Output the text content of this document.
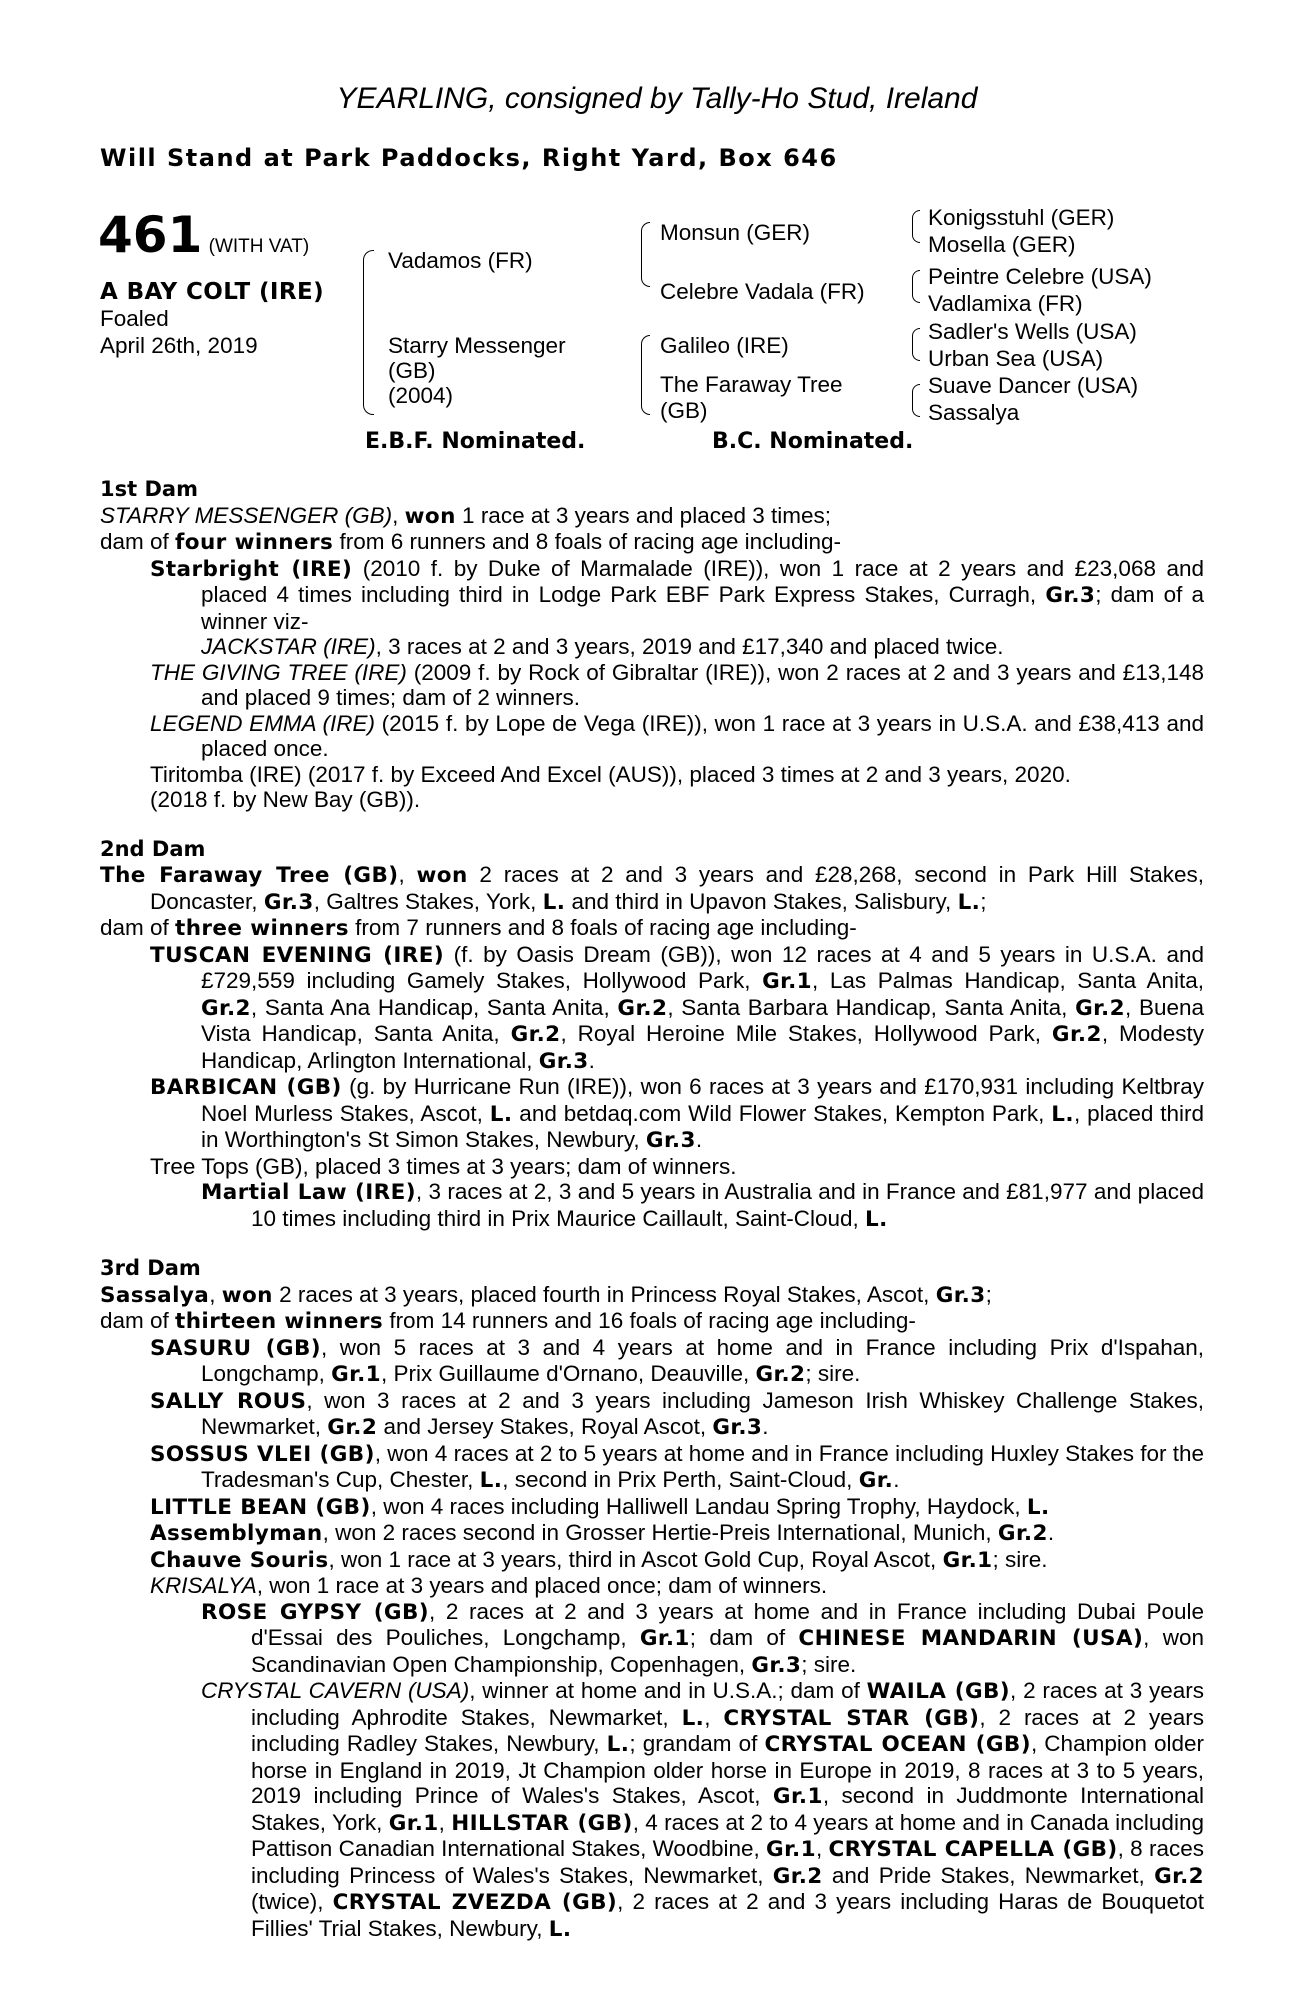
YEARLING, consigned by Tally-Ho Stud, Ireland
Will Stand at Park Paddocks, Right Yard, Box 646
461 (WITH VAT)
A BAY COLT (IRE)
Foaled
April 26th, 2019
Vadamos (FR)
Starry Messenger
(GB)
(2004)
Monsun (GER)
Celebre Vadala (FR)
Galileo (IRE)
The Faraway Tree
(GB)
Konigsstuhl (GER)
Mosella (GER)
Peintre Celebre (USA)
Vadlamixa (FR)
Sadler's Wells (USA)
Urban Sea (USA)
Suave Dancer (USA)
Sassalya
E.B.F. Nominated.	B.C. Nominated.
1st Dam
STARRY MESSENGER (GB), won 1 race at 3 years and placed 3 times;
dam of four winners from 6 runners and 8 foals of racing age including-
Starbright (IRE) (2010 f. by Duke of Marmalade (IRE)), won 1 race at 2 years and £23,068 and placed 4 times including third in Lodge Park EBF Park Express Stakes, Curragh, Gr.3; dam of a winner viz-
JACKSTAR (IRE), 3 races at 2 and 3 years, 2019 and £17,340 and placed twice.
THE GIVING TREE (IRE) (2009 f. by Rock of Gibraltar (IRE)), won 2 races at 2 and 3 years and £13,148 and placed 9 times; dam of 2 winners.
LEGEND EMMA (IRE) (2015 f. by Lope de Vega (IRE)), won 1 race at 3 years in U.S.A. and £38,413 and placed once.
Tiritomba (IRE) (2017 f. by Exceed And Excel (AUS)), placed 3 times at 2 and 3 years, 2020.
(2018 f. by New Bay (GB)).
2nd Dam
The Faraway Tree (GB), won 2 races at 2 and 3 years and £28,268, second in Park Hill Stakes, Doncaster, Gr.3, Galtres Stakes, York, L. and third in Upavon Stakes, Salisbury, L.;
dam of three winners from 7 runners and 8 foals of racing age including-
TUSCAN EVENING (IRE) (f. by Oasis Dream (GB)), won 12 races at 4 and 5 years in U.S.A. and £729,559 including Gamely Stakes, Hollywood Park, Gr.1, Las Palmas Handicap, Santa Anita, Gr.2, Santa Ana Handicap, Santa Anita, Gr.2, Santa Barbara Handicap, Santa Anita, Gr.2, Buena Vista Handicap, Santa Anita, Gr.2, Royal Heroine Mile Stakes, Hollywood Park, Gr.2, Modesty Handicap, Arlington International, Gr.3.
BARBICAN (GB) (g. by Hurricane Run (IRE)), won 6 races at 3 years and £170,931 including Keltbray Noel Murless Stakes, Ascot, L. and betdaq.com Wild Flower Stakes, Kempton Park, L., placed third in Worthington's St Simon Stakes, Newbury, Gr.3.
Tree Tops (GB), placed 3 times at 3 years; dam of winners.
Martial Law (IRE), 3 races at 2, 3 and 5 years in Australia and in France and £81,977 and placed 10 times including third in Prix Maurice Caillault, Saint-Cloud, L.
3rd Dam
Sassalya, won 2 races at 3 years, placed fourth in Princess Royal Stakes, Ascot, Gr.3;
dam of thirteen winners from 14 runners and 16 foals of racing age including-
SASURU (GB), won 5 races at 3 and 4 years at home and in France including Prix d'Ispahan, Longchamp, Gr.1, Prix Guillaume d'Ornano, Deauville, Gr.2; sire.
SALLY ROUS, won 3 races at 2 and 3 years including Jameson Irish Whiskey Challenge Stakes, Newmarket, Gr.2 and Jersey Stakes, Royal Ascot, Gr.3.
SOSSUS VLEI (GB), won 4 races at 2 to 5 years at home and in France including Huxley Stakes for the Tradesman's Cup, Chester, L., second in Prix Perth, Saint-Cloud, Gr..
LITTLE BEAN (GB), won 4 races including Halliwell Landau Spring Trophy, Haydock, L.
Assemblyman, won 2 races second in Grosser Hertie-Preis International, Munich, Gr.2.
Chauve Souris, won 1 race at 3 years, third in Ascot Gold Cup, Royal Ascot, Gr.1; sire.
KRISALYA, won 1 race at 3 years and placed once; dam of winners.
ROSE GYPSY (GB), 2 races at 2 and 3 years at home and in France including Dubai Poule d'Essai des Pouliches, Longchamp, Gr.1; dam of CHINESE MANDARIN (USA), won Scandinavian Open Championship, Copenhagen, Gr.3; sire.
CRYSTAL CAVERN (USA), winner at home and in U.S.A.; dam of WAILA (GB), 2 races at 3 years including Aphrodite Stakes, Newmarket, L., CRYSTAL STAR (GB), 2 races at 2 years including Radley Stakes, Newbury, L.; grandam of CRYSTAL OCEAN (GB), Champion older horse in England in 2019, Jt Champion older horse in Europe in 2019, 8 races at 3 to 5 years, 2019 including Prince of Wales's Stakes, Ascot, Gr.1, second in Juddmonte International Stakes, York, Gr.1, HILLSTAR (GB), 4 races at 2 to 4 years at home and in Canada including Pattison Canadian International Stakes, Woodbine, Gr.1, CRYSTAL CAPELLA (GB), 8 races including Princess of Wales's Stakes, Newmarket, Gr.2 and Pride Stakes, Newmarket, Gr.2 (twice), CRYSTAL ZVEZDA (GB), 2 races at 2 and 3 years including Haras de Bouquetot Fillies' Trial Stakes, Newbury, L.
